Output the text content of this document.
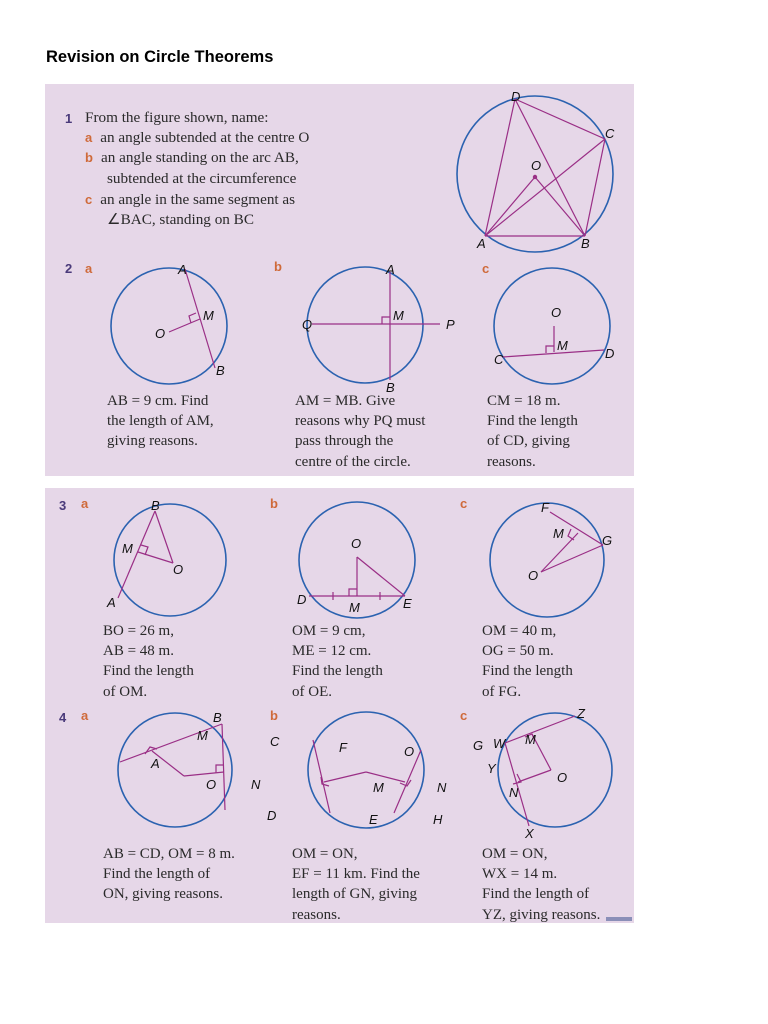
Revision on Circle Theorems
1 From the figure shown, name:
a an angle subtended at the centre O
b an angle standing on the arc AB,
subtended at the circumference
c an angle in the same segment as
∠BAC, standing on BC
D
C
O
A	B
2 a	b	c
A
M
O
B
A
M
Q	P
B
O
M
C	D
AB = 9 cm. Find
the length of AM,
giving reasons.
AM = MB. Give
reasons why PQ must
pass through the
centre of the circle.
CM = 18 m.
Find the length
of CD, giving
reasons.
3 a	b	c
B
M
O
A
O
D
M	E
F
M	G
O
BO = 26 m,
AB = 48 m.
Find the length
of OM.
OM = 9 cm,
ME = 12 cm.
Find the length
of OE.
OM = 40 m,
OG = 50 m.
Find the length
of FG.
4 a	b	c
B
M	C
A
O	N
D
F	O	G
M	N
E	H
Z
W M
Y
O
N
X
AB = CD, OM = 8 m.
Find the length of
ON, giving reasons.
OM = ON,
EF = 11 km. Find the
length of GN, giving
reasons.
OM = ON,
WX = 14 m.
Find the length of
YZ, giving reasons.
